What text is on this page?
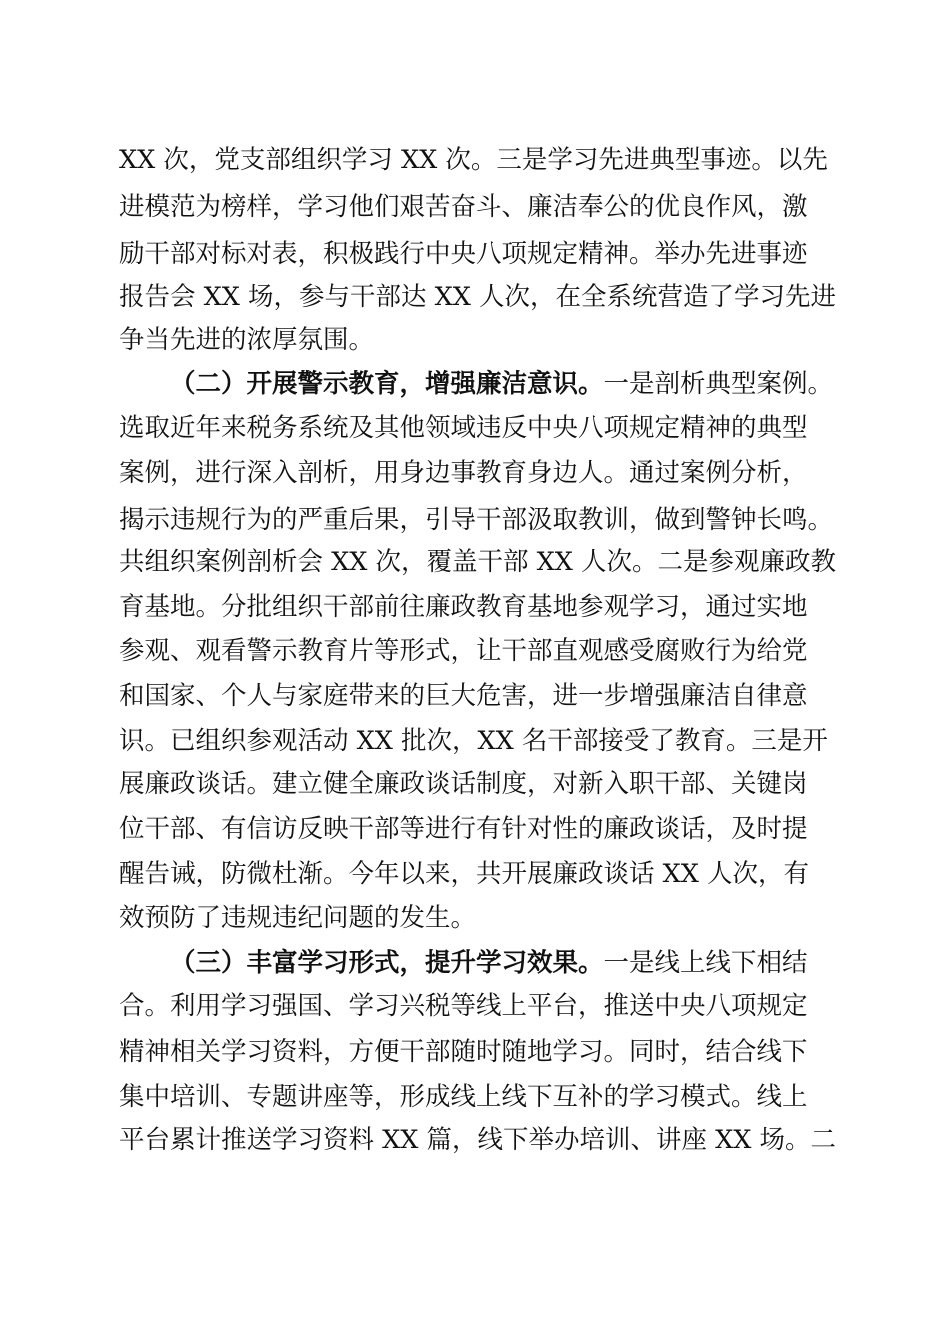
XX 次，党支部组织学习 XX 次。三是学习先进典型事迹。以先
进模范为榜样，学习他们艰苦奋斗、廉洁奉公的优良作风，激
励干部对标对表，积极践行中央八项规定精神。举办先进事迹
报告会 XX 场，参与干部达 XX 人次，在全系统营造了学习先进
争当先进的浓厚氛围。
（二）开展警示教育，增强廉洁意识。一是剖析典型案例。
选取近年来税务系统及其他领域违反中央八项规定精神的典型
案例，进行深入剖析，用身边事教育身边人。通过案例分析，
揭示违规行为的严重后果，引导干部汲取教训，做到警钟长鸣。
共组织案例剖析会 XX 次，覆盖干部 XX 人次。二是参观廉政教
育基地。分批组织干部前往廉政教育基地参观学习，通过实地
参观、观看警示教育片等形式，让干部直观感受腐败行为给党
和国家、个人与家庭带来的巨大危害，进一步增强廉洁自律意
识。已组织参观活动 XX 批次，XX 名干部接受了教育。三是开
展廉政谈话。建立健全廉政谈话制度，对新入职干部、关键岗
位干部、有信访反映干部等进行有针对性的廉政谈话，及时提
醒告诫，防微杜渐。今年以来，共开展廉政谈话 XX 人次，有
效预防了违规违纪问题的发生。
（三）丰富学习形式，提升学习效果。一是线上线下相结
合。利用学习强国、学习兴税等线上平台，推送中央八项规定
精神相关学习资料，方便干部随时随地学习。同时，结合线下
集中培训、专题讲座等，形成线上线下互补的学习模式。线上
平台累计推送学习资料 XX 篇，线下举办培训、讲座 XX 场。二
